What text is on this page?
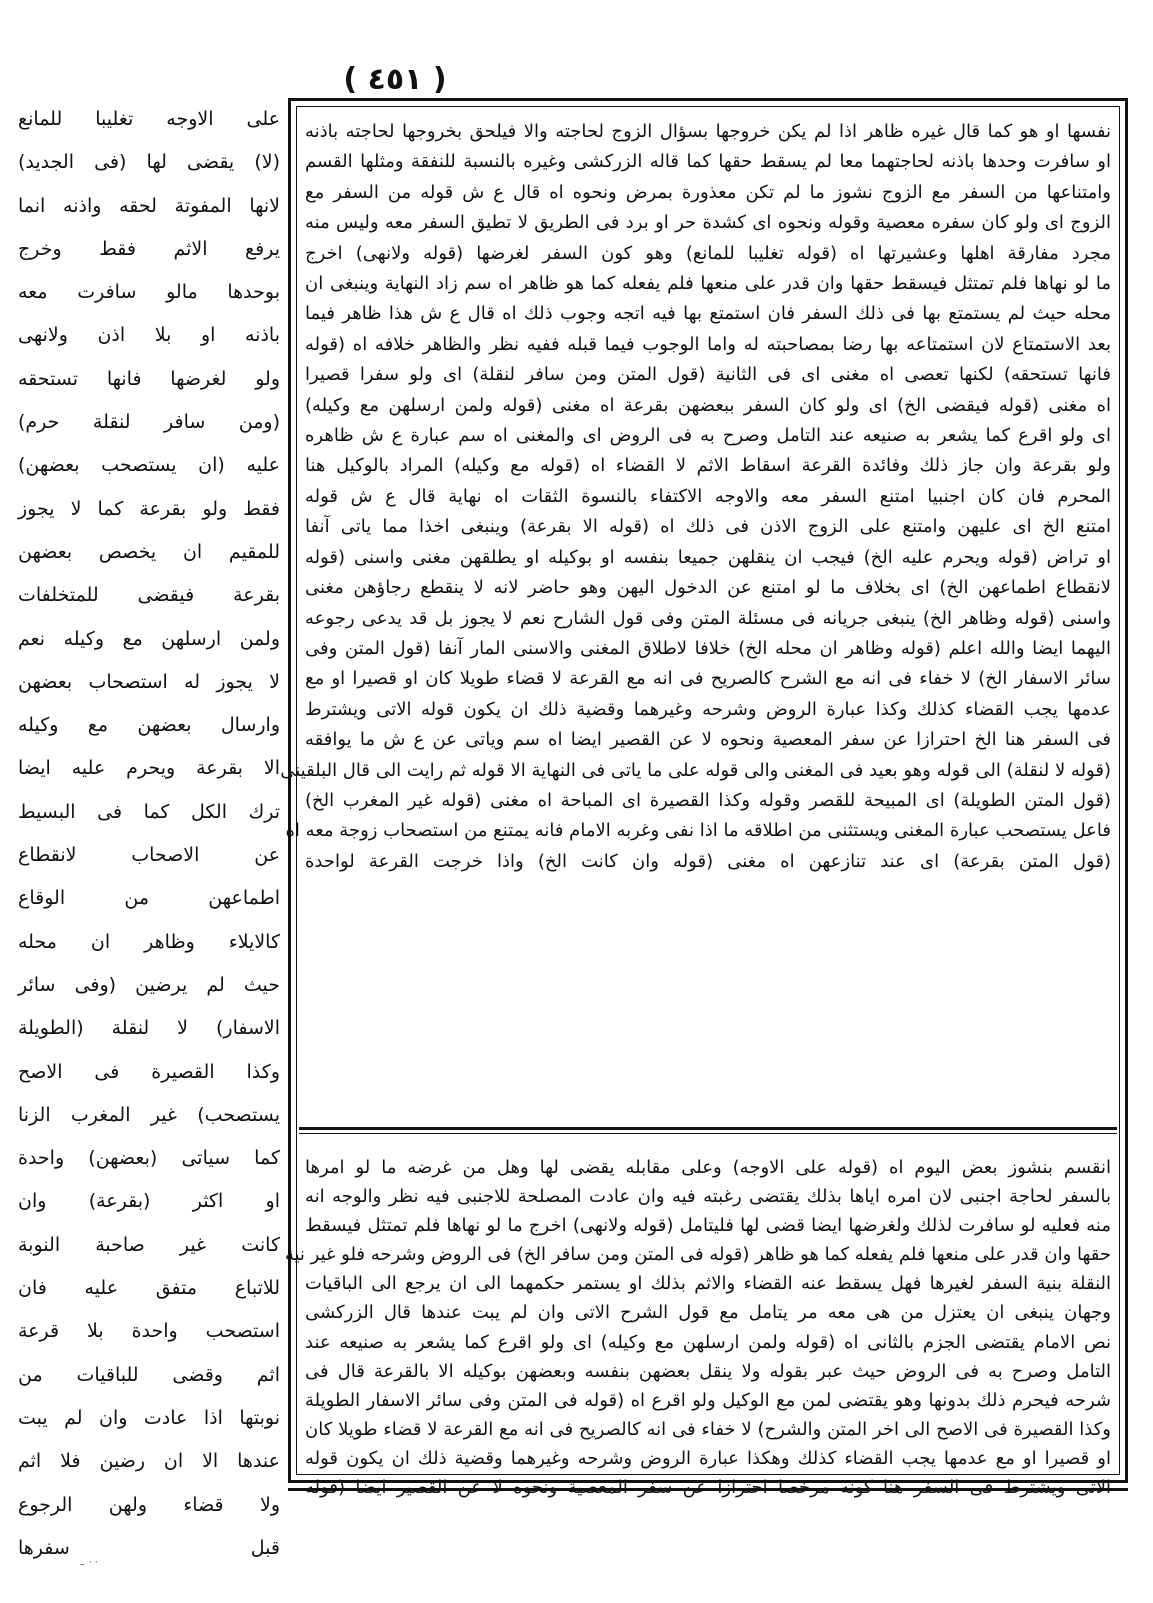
( ٤٥١ )

على الاوجه تغليبا للمانع

(لا) يقضى لها (فى الجديد)

لانها المفوتة لحقه واذنه انما

يرفع الاثم فقط وخرج

بوحدها مالو سافرت معه

باذنه او بلا اذن ولانهى

ولو لغرضها فانها تستحقه

(ومن سافر لنقلة حرم)

عليه (ان يستصحب بعضهن)

فقط ولو بقرعة كما لا يجوز

للمقيم ان يخصص بعضهن

بقرعة فيقضى للمتخلفات

ولمن ارسلهن مع وكيله نعم

لا يجوز له استصحاب بعضهن

وارسال بعضهن مع وكيله

الا بقرعة ويحرم عليه ايضا

ترك الكل كما فى البسيط

عن الاصحاب لانقطاع

اطماعهن من الوقاع

كالايلاء وظاهر ان محله

حيث لم يرضين (وفى سائر

الاسفار) لا لنقلة (الطويلة

وكذا القصيرة فى الاصح

يستصحب) غير المغرب الزنا

كما سياتى (بعضهن) واحدة

او اكثر (بقرعة) وان

كانت غير صاحبة النوبة

للاتباع متفق عليه فان

استصحب واحدة بلا قرعة

اثم وقضى للباقيات من

نوبتها اذا عادت وان لم يبت

عندها الا ان رضين فلا اثم

ولا قضاء ولهن الرجوع

قبل سفرها

نفسها او هو كما قال غيره ظاهر اذا لم يكن خروجها بسؤال الزوج لحاجته والا فيلحق بخروجها لحاجته باذنه

او سافرت وحدها باذنه لحاجتهما معا لم يسقط حقها كما قاله الزركشى وغيره بالنسبة للنفقة ومثلها القسم

وامتناعها من السفر مع الزوج نشوز ما لم تكن معذورة بمرض ونحوه اه قال ع ش قوله من السفر مع

الزوج اى ولو كان سفره معصية وقوله ونحوه اى كشدة حر او برد فى الطريق لا تطيق السفر معه وليس منه

مجرد مفارقة اهلها وعشيرتها اه (قوله تغليبا للمانع) وهو كون السفر لغرضها (قوله ولانهى) اخرج

ما لو نهاها فلم تمتثل فيسقط حقها وان قدر على منعها فلم يفعله كما هو ظاهر اه سم زاد النهاية وينبغى ان

محله حيث لم يستمتع بها فى ذلك السفر فان استمتع بها فيه اتجه وجوب ذلك اه قال ع ش هذا ظاهر فيما

بعد الاستمتاع لان استمتاعه بها رضا بمصاحبته له واما الوجوب فيما قبله ففيه نظر والظاهر خلافه اه (قوله

فانها تستحقه) لكنها تعصى اه مغنى اى فى الثانية (قول المتن ومن سافر لنقلة) اى ولو سفرا قصيرا

اه مغنى (قوله فيقضى الخ) اى ولو كان السفر ببعضهن بقرعة اه مغنى (قوله ولمن ارسلهن مع وكيله)

اى ولو اقرع كما يشعر به صنيعه عند التامل وصرح به فى الروض اى والمغنى اه سم عبارة ع ش ظاهره

ولو بقرعة وان جاز ذلك وفائدة القرعة اسقاط الاثم لا القضاء اه (قوله مع وكيله) المراد بالوكيل هنا

المحرم فان كان اجنبيا امتنع السفر معه والاوجه الاكتفاء بالنسوة الثقات اه نهاية قال ع ش قوله

امتنع الخ اى عليهن وامتنع على الزوج الاذن فى ذلك اه (قوله الا بقرعة) وينبغى اخذا مما ياتى آنفا

او تراض (قوله ويحرم عليه الخ) فيجب ان ينقلهن جميعا بنفسه او بوكيله او يطلقهن مغنى واسنى (قوله

لانقطاع اطماعهن الخ) اى بخلاف ما لو امتنع عن الدخول اليهن وهو حاضر لانه لا ينقطع رجاؤهن مغنى

واسنى (قوله وظاهر الخ) ينبغى جريانه فى مسئلة المتن وفى قول الشارح نعم لا يجوز بل قد يدعى رجوعه

اليهما ايضا والله اعلم (قوله وظاهر ان محله الخ) خلافا لاطلاق المغنى والاسنى المار آنفا (قول المتن وفى

سائر الاسفار الخ) لا خفاء فى انه مع الشرح كالصريح فى انه مع القرعة لا قضاء طويلا كان او قصيرا او مع

عدمها يجب القضاء كذلك وكذا عبارة الروض وشرحه وغيرهما وقضية ذلك ان يكون قوله الاتى ويشترط

فى السفر هنا الخ احترازا عن سفر المعصية ونحوه لا عن القصير ايضا اه سم وياتى عن ع ش ما يوافقه

(قوله لا لنقلة) الى قوله وهو بعيد فى المغنى والى قوله على ما ياتى فى النهاية الا قوله ثم رايت الى قال البلقينى

(قول المتن الطويلة) اى المبيحة للقصر وقوله وكذا القصيرة اى المباحة اه مغنى (قوله غير المغرب الخ)

فاعل يستصحب عبارة المغنى ويستثنى من اطلاقه ما اذا نفى وغربه الامام فانه يمتنع من استصحاب زوجة معه اه

(قول المتن بقرعة) اى عند تنازعهن اه مغنى (قوله وان كانت الخ) واذا خرجت القرعة لواحدة

انقسم بنشوز بعض اليوم اه (قوله على الاوجه) وعلى مقابله يقضى لها وهل من غرضه ما لو امرها

بالسفر لحاجة اجنبى لان امره اياها بذلك يقتضى رغبته فيه وان عادت المصلحة للاجنبى فيه نظر والوجه انه

منه فعليه لو سافرت لذلك ولغرضها ايضا قضى لها فليتامل (قوله ولانهى) اخرج ما لو نهاها فلم تمتثل فيسقط

حقها وان قدر على منعها فلم يفعله كما هو ظاهر (قوله فى المتن ومن سافر الخ) فى الروض وشرحه فلو غير نية

النقلة بنية السفر لغيرها فهل يسقط عنه القضاء والاثم بذلك او يستمر حكمهما الى ان يرجع الى الباقيات

وجهان ينبغى ان يعتزل من هى معه مر يتامل مع قول الشرح الاتى وان لم يبت عندها قال الزركشى

نص الامام يقتضى الجزم بالثانى اه (قوله ولمن ارسلهن مع وكيله) اى ولو اقرع كما يشعر به صنيعه عند

التامل وصرح به فى الروض حيث عبر بقوله ولا ينقل بعضهن بنفسه وبعضهن بوكيله الا بالقرعة قال فى

شرحه فيحرم ذلك بدونها وهو يقتضى لمن مع الوكيل ولو اقرع اه (قوله فى المتن وفى سائر الاسفار الطويلة

وكذا القصيرة فى الاصح الى اخر المتن والشرح) لا خفاء فى انه كالصريح فى انه مع القرعة لا قضاء طويلا كان

او قصيرا او مع عدمها يجب القضاء كذلك وهكذا عبارة الروض وشرحه وغيرهما وقضية ذلك ان يكون قوله

الاتى ويشترط فى السفر هنا كونه مرخصا احترازا عن سفر المعصية ونحوه لا عن القصير ايضا (قوله

٠٠ ـ
